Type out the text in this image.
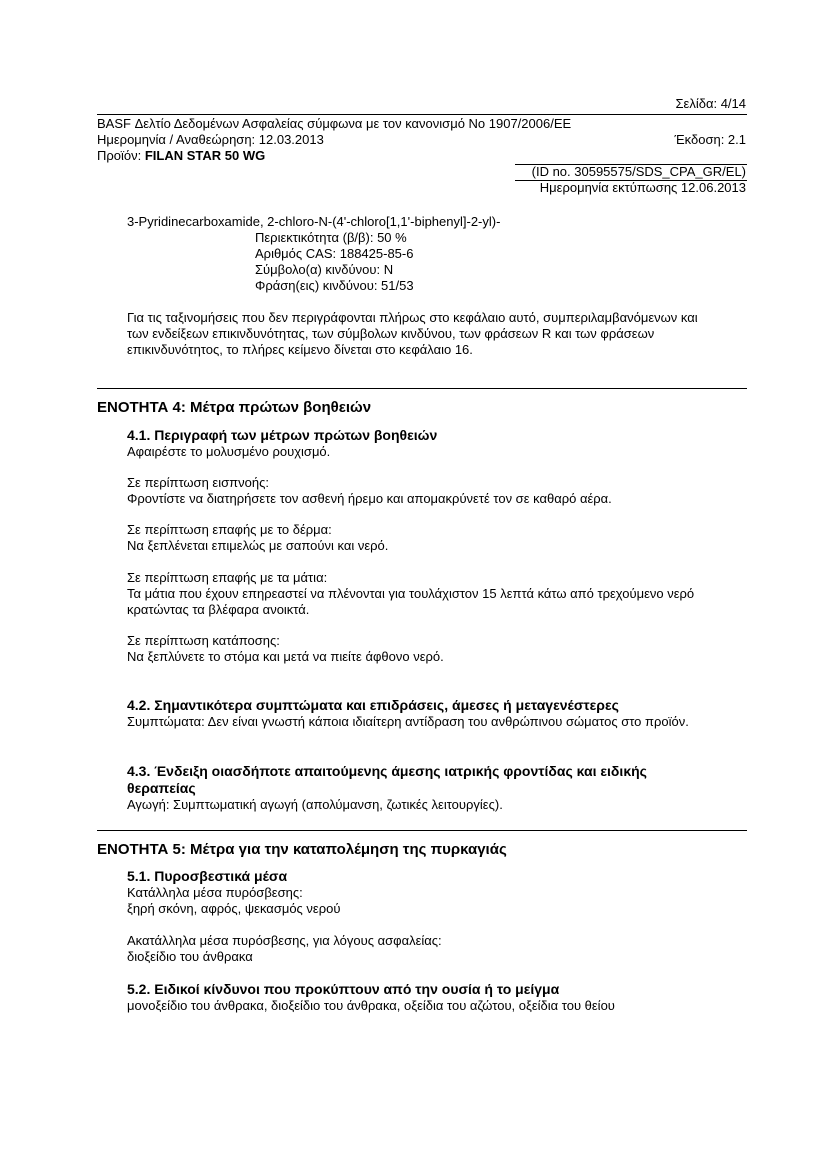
Σελίδα: 4/14
BASF Δελτίο Δεδομένων Ασφαλείας σύμφωνα με τον κανονισμό Νο 1907/2006/ΕΕ
Ημερομηνία / Αναθεώρηση: 12.03.2013	Έκδοση: 2.1
Προϊόν: FILAN STAR 50 WG
(ID no. 30595575/SDS_CPA_GR/EL)
Ημερομηνία εκτύπωσης 12.06.2013
3-Pyridinecarboxamide, 2-chloro-N-(4'-chloro[1,1'-biphenyl]-2-yl)-
Περιεκτικότητα (β/β): 50 %
Αριθμός CAS: 188425-85-6
Σύμβολο(α) κινδύνου: N
Φράση(εις) κινδύνου: 51/53
Για τις ταξινομήσεις που δεν περιγράφονται πλήρως στο κεφάλαιο αυτό, συμπεριλαμβανόμενων και
των ενδείξεων επικινδυνότητας, των σύμβολων κινδύνου, των φράσεων R και των φράσεων
επικινδυνότητος, το πλήρες κείμενο δίνεται στο κεφάλαιο 16.
ΕΝΟΤΗΤΑ 4: Μέτρα πρώτων βοηθειών
4.1. Περιγραφή των μέτρων πρώτων βοηθειών
Αφαιρέστε το μολυσμένο ρουχισμό.
Σε περίπτωση εισπνοής:
Φροντίστε να διατηρήσετε τον ασθενή ήρεμο και απομακρύνετέ τον σε καθαρό αέρα.
Σε περίπτωση επαφής με το δέρμα:
Να ξεπλένεται επιμελώς με σαπούνι και νερό.
Σε περίπτωση επαφής με τα μάτια:
Τα μάτια που έχουν επηρεαστεί να πλένονται για τουλάχιστον 15 λεπτά κάτω από τρεχούμενο νερό
κρατώντας τα βλέφαρα ανοικτά.
Σε περίπτωση κατάποσης:
Να ξεπλύνετε το στόμα και μετά να πιείτε άφθονο νερό.
4.2. Σημαντικότερα συμπτώματα και επιδράσεις, άμεσες ή μεταγενέστερες
Συμπτώματα: Δεν είναι γνωστή κάποια ιδιαίτερη αντίδραση του ανθρώπινου σώματος στο προϊόν.
4.3. Ένδειξη οιασδήποτε απαιτούμενης άμεσης ιατρικής φροντίδας και ειδικής
θεραπείας
Αγωγή: Συμπτωματική αγωγή (απολύμανση, ζωτικές λειτουργίες).
ΕΝΟΤΗΤΑ 5: Μέτρα για την καταπολέμηση της πυρκαγιάς
5.1. Πυροσβεστικά μέσα
Κατάλληλα μέσα πυρόσβεσης:
ξηρή σκόνη, αφρός, ψεκασμός νερού
Ακατάλληλα μέσα πυρόσβεσης, για λόγους ασφαλείας:
διοξείδιο του άνθρακα
5.2. Ειδικοί κίνδυνοι που προκύπτουν από την ουσία ή το μείγμα
μονοξείδιο του άνθρακα, διοξείδιο του άνθρακα, οξείδια του αζώτου, οξείδια του θείου
